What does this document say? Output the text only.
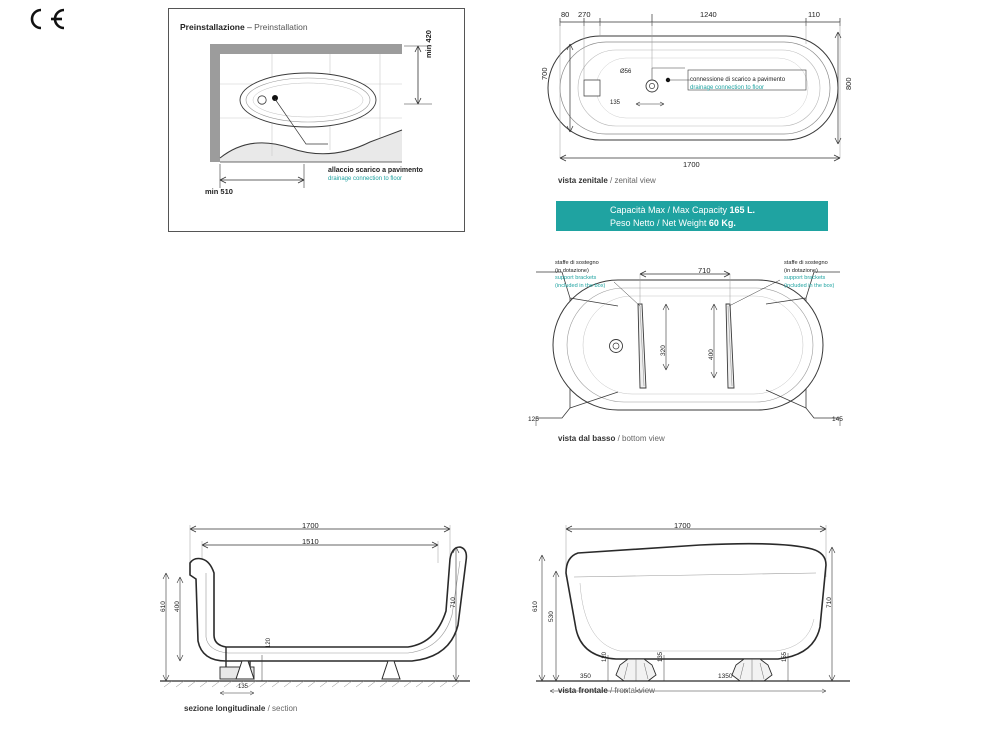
Preinstallazione – Preinstallation
min 420
min 510
allaccio scarico a pavimento
drainage connection to floor
80 270	1240	110
700
800
1700
135
Ø56
connessione di scarico a pavimento
drainage connection to floor
vista zenitale / zenital view
Capacità Max / Max Capacity 165 L.
Peso Netto / Net Weight 60 Kg.
710
320	400
125	145
staffe di sostegno
(in dotazione)
support brackets
(included in the box)
staffe di sostegno
(in dotazione)
support brackets
(included in the box)
vista dal basso / bottom view
1700
1510
610 400	710
120
135
sezione longitudinale / section
1700
610
530
710
120	135	155
350	1350
vista frontale / frontal view
